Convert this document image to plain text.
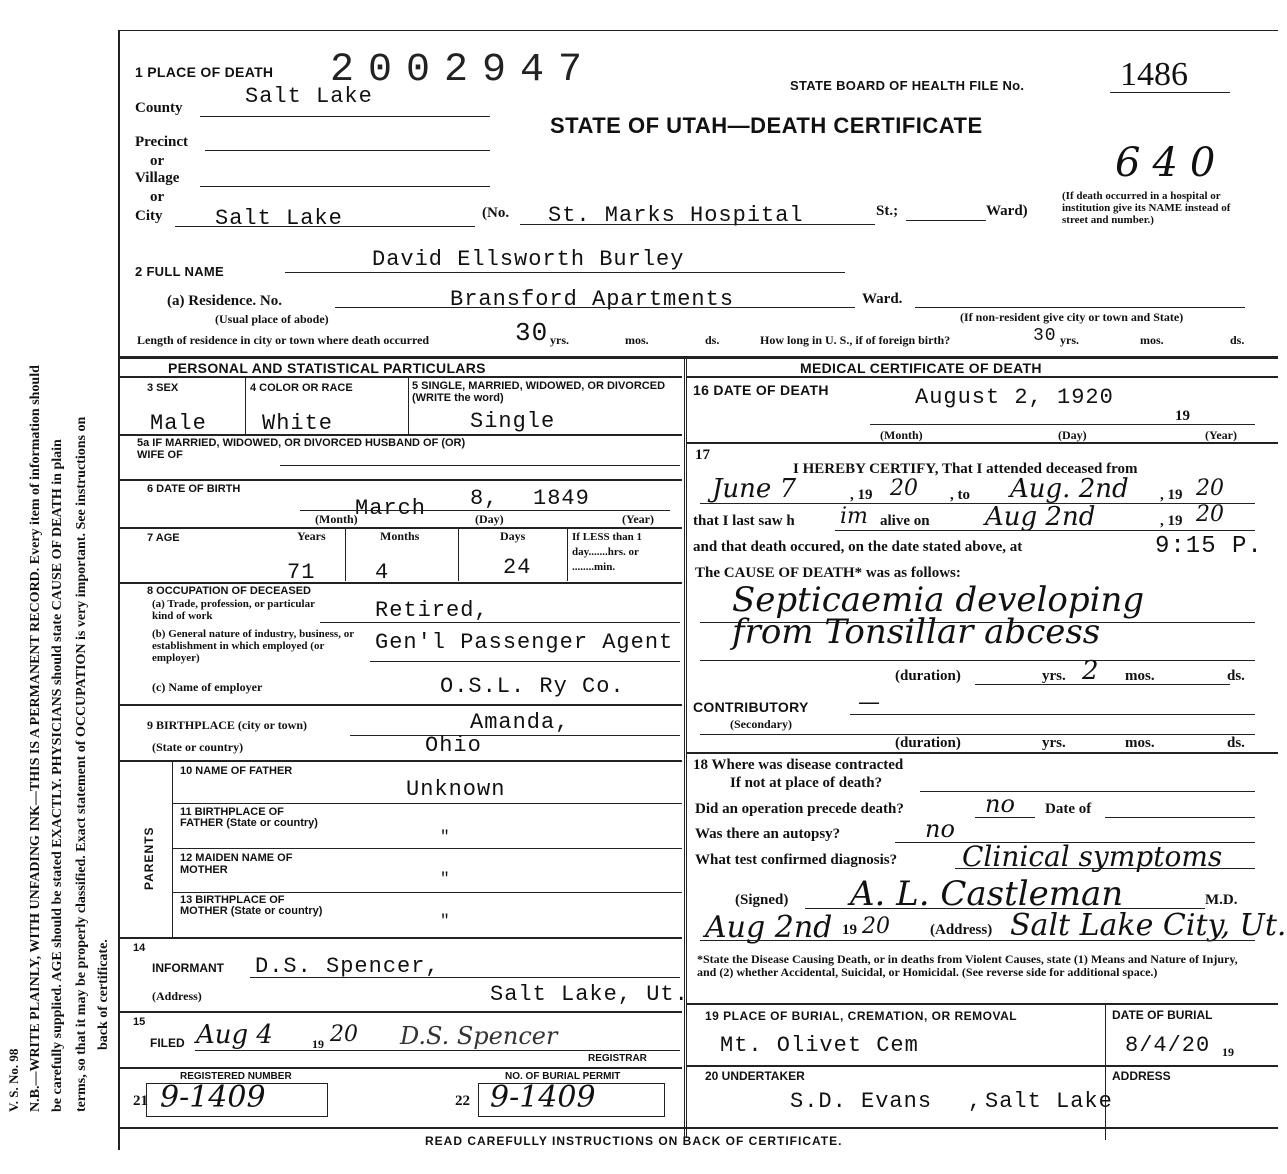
N.B.—WRITE PLAINLY, WITH UNFADING INK—THIS IS A PERMANENT RECORD. Every item of information should be carefully supplied. AGE should be stated EXACTLY. PHYSICIANS should state CAUSE OF DEATH in plain terms, so that it may be properly classified. Exact statement of OCCUPATION is very important. See instructions on back of certificate.
V. S. No. 98
1 PLACE OF DEATH 2002947	STATE BOARD OF HEALTH FILE No.	1486
County	Salt Lake
STATE OF UTAH—DEATH CERTIFICATE
640
Precinct
or
Village
or
City Salt Lake	(No. St. Marks Hospital	St.;	Ward)
(If death occurred in a hospital or institution give its NAME instead of street and number.)
2 FULL NAME	David Ellsworth Burley
(a) Residence. No.
(Usual place of abode)
Bransford Apartments	Ward.
(If non-resident give city or town and State)
Length of residence in city or town where death occurred	30 yrs.	mos.	ds.	How long in U. S., if of foreign birth?	30 yrs.	mos.	ds.
PERSONAL AND STATISTICAL PARTICULARS
3 SEX
Male
4 COLOR OR RACE
White
5 SINGLE, MARRIED, WIDOWED, OR DIVORCED (WRITE the word)
Single
5a IF MARRIED, WIDOWED, OR DIVORCED HUSBAND OF (OR) WIFE OF
6 DATE OF BIRTH
March 8, 1849
(Month)	(Day)	(Year)
7 AGE	Years	Months	Days	If LESS than 1 day.......hrs. or ........min.
71	4	24
8 OCCUPATION OF DECEASED
(a) Trade, profession, or particular kind of work	Retired,
(b) General nature of industry, business, or establishment in which employed (or employer)
Gen'l Passenger Agent
(c) Name of employer	O.S.L. Ry Co.
9 BIRTHPLACE (city or town)	Amanda,
(State or country)	Ohio
PARENTS
10 NAME OF FATHER
Unknown
11 BIRTHPLACE OF FATHER (State or country)
"
12 MAIDEN NAME OF MOTHER	"
13 BIRTHPLACE OF MOTHER (State or country)
"
14
INFORMANT D.S. Spencer,
(Address)	Salt Lake, Ut.
15
FILED Aug 4	19 20 D.S. Spencer
REGISTRAR
REGISTERED NUMBER	NO. OF BURIAL PERMIT
21 9-1409	22 9-1409
MEDICAL CERTIFICATE OF DEATH
16 DATE OF DEATH	August 2, 1920
19
(Month)	(Day)	(Year)
17
I HEREBY CERTIFY, That I attended deceased from
June 7	, 19 20 , to Aug. 2nd , 19 20
that I last saw h im alive on Aug 2nd	, 19 20
and that death occured, on the date stated above, at	9:15 P.
The CAUSE OF DEATH* was as follows:
Septicaemia developing
from Tonsillar abcess
(duration)	yrs. 2 mos.	ds.
CONTRIBUTORY —
(Secondary)
(duration)	yrs.	mos.	ds.
18 Where was disease contracted
If not at place of death?
Did an operation precede death?	no Date of
Was there an autopsy?	no
What test confirmed diagnosis? Clinical symptoms
(Signed) A. L. Castleman	M.D.
Aug 2nd 19 20	(Address) Salt Lake City, Ut.
*State the Disease Causing Death, or in deaths from Violent Causes, state (1) Means and Nature of Injury, and (2) whether Accidental, Suicidal, or Homicidal. (See reverse side for additional space.)
19 PLACE OF BURIAL, CREMATION, OR REMOVAL
Mt. Olivet Cem
DATE OF BURIAL
8/4/20 19
20 UNDERTAKER
S.D. Evans ,
ADDRESS
Salt Lake
READ CAREFULLY INSTRUCTIONS ON BACK OF CERTIFICATE.
